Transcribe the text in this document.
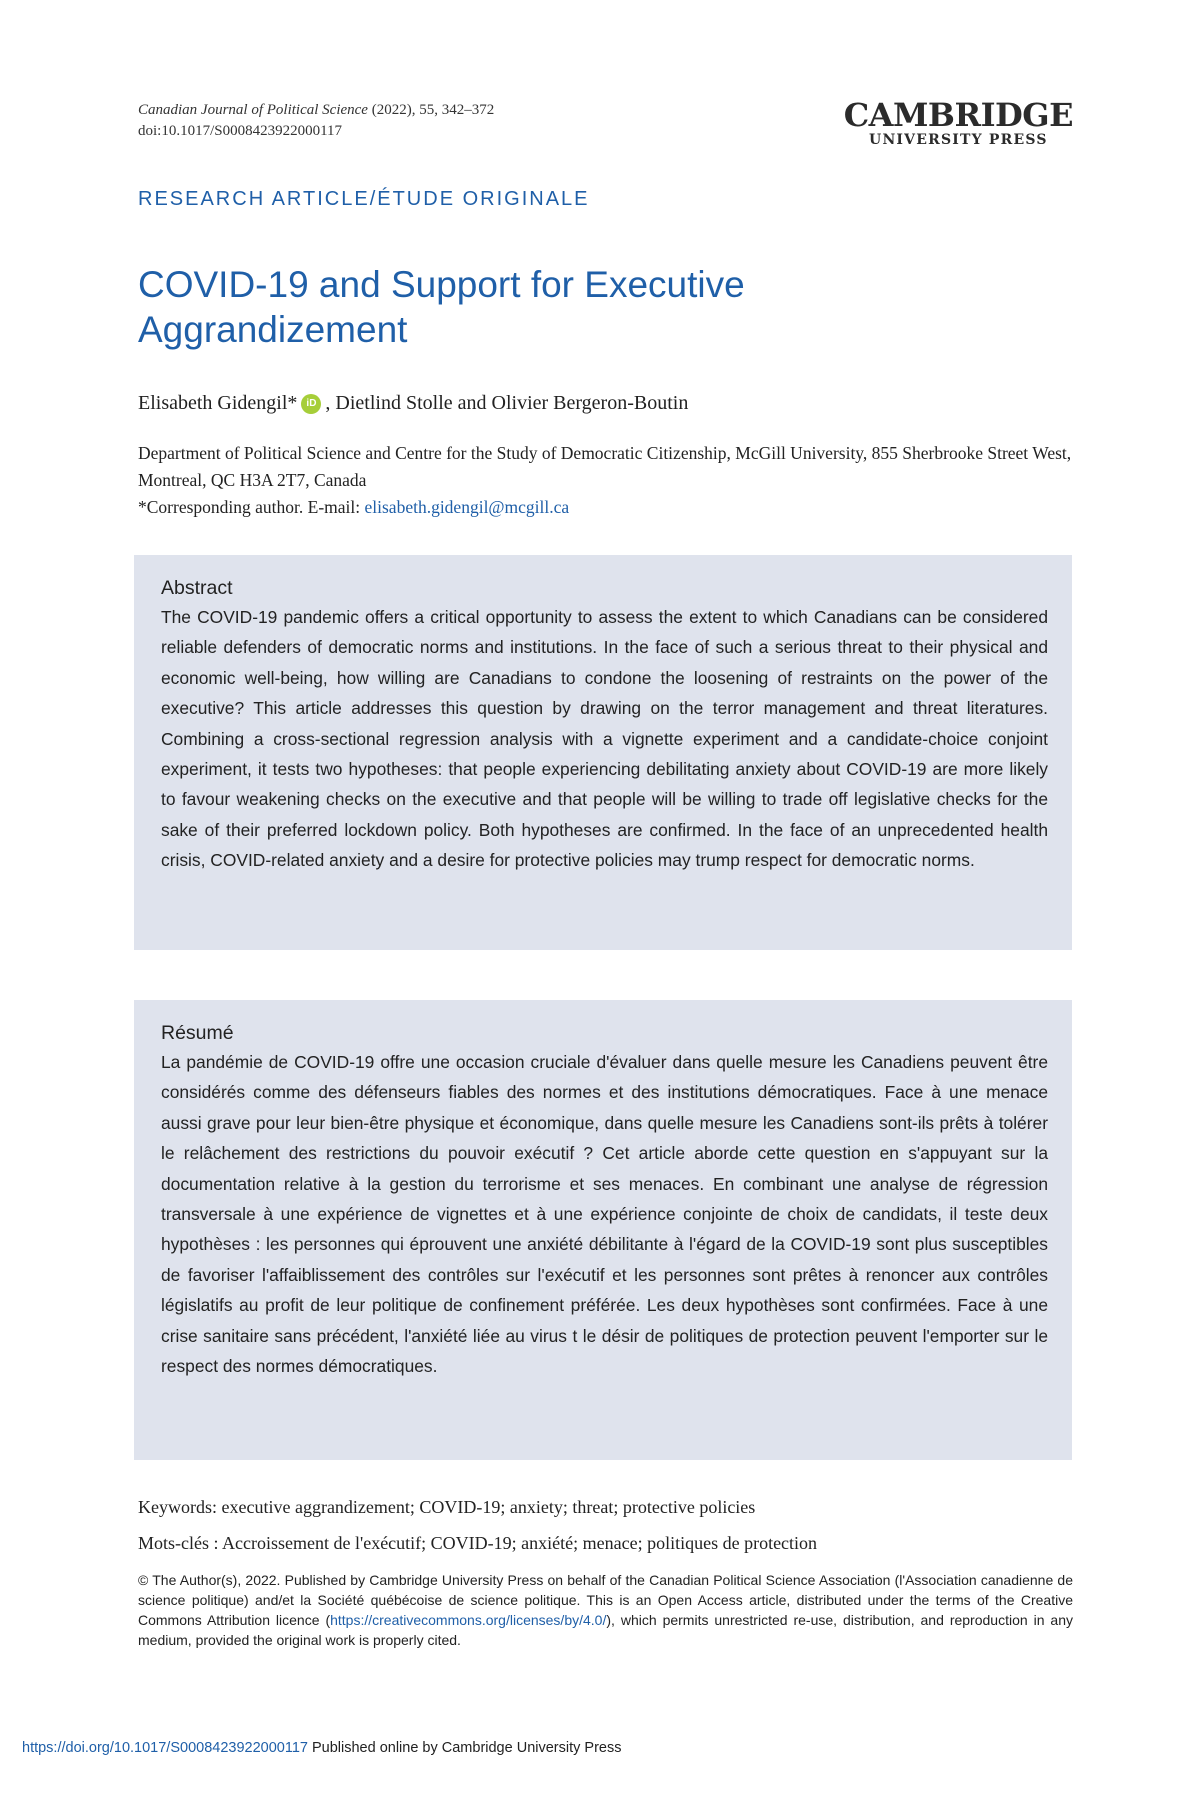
Canadian Journal of Political Science (2022), 55, 342–372
doi:10.1017/S0008423922000117	CAMBRIDGE
UNIVERSITY PRESS
RESEARCH ARTICLE/ÉTUDE ORIGINALE
COVID-19 and Support for Executive Aggrandizement
Elisabeth Gidengil* iD , Dietlind Stolle and Olivier Bergeron-Boutin
Department of Political Science and Centre for the Study of Democratic Citizenship, McGill University, 855 Sherbrooke Street West, Montreal, QC H3A 2T7, Canada
*Corresponding author. E-mail: elisabeth.gidengil@mcgill.ca
Abstract

The COVID-19 pandemic offers a critical opportunity to assess the extent to which Canadians can be considered reliable defenders of democratic norms and institutions. In the face of such a serious threat to their physical and economic well-being, how willing are Canadians to condone the loosening of restraints on the power of the executive? This article addresses this question by drawing on the terror management and threat literatures. Combining a cross-sectional regression analysis with a vignette experiment and a candidate-choice conjoint experiment, it tests two hypotheses: that people experiencing debilitating anxiety about COVID-19 are more likely to favour weakening checks on the executive and that people will be willing to trade off legislative checks for the sake of their preferred lockdown policy. Both hypotheses are confirmed. In the face of an unprecedented health crisis, COVID-related anxiety and a desire for protective policies may trump respect for democratic norms.

Résumé

La pandémie de COVID-19 offre une occasion cruciale d'évaluer dans quelle mesure les Canadiens peuvent être considérés comme des défenseurs fiables des normes et des institutions démocratiques. Face à une menace aussi grave pour leur bien-être physique et économique, dans quelle mesure les Canadiens sont-ils prêts à tolérer le relâchement des restrictions du pouvoir exécutif ? Cet article aborde cette question en s'appuyant sur la documentation relative à la gestion du terrorisme et ses menaces. En combinant une analyse de régression transversale à une expérience de vignettes et à une expérience conjointe de choix de candidats, il teste deux hypothèses : les personnes qui éprouvent une anxiété débilitante à l'égard de la COVID-19 sont plus susceptibles de favoriser l'affaiblissement des contrôles sur l'exécutif et les personnes sont prêtes à renoncer aux contrôles législatifs au profit de leur politique de confinement préférée. Les deux hypothèses sont confirmées. Face à une crise sanitaire sans précédent, l'anxiété liée au virus t le désir de politiques de protection peuvent l'emporter sur le respect des normes démocratiques.

Keywords: executive aggrandizement; COVID-19; anxiety; threat; protective policies
Mots-clés : Accroissement de l'exécutif; COVID-19; anxiété; menace; politiques de protection
© The Author(s), 2022. Published by Cambridge University Press on behalf of the Canadian Political Science Association (l'Association canadienne de science politique) and/et la Société québécoise de science politique. This is an Open Access article, distributed under the terms of the Creative Commons Attribution licence (https://creativecommons.org/licenses/by/4.0/), which permits unrestricted re-use, distribution, and reproduction in any medium, provided the original work is properly cited.
https://doi.org/10.1017/S0008423922000117 Published online by Cambridge University Press
